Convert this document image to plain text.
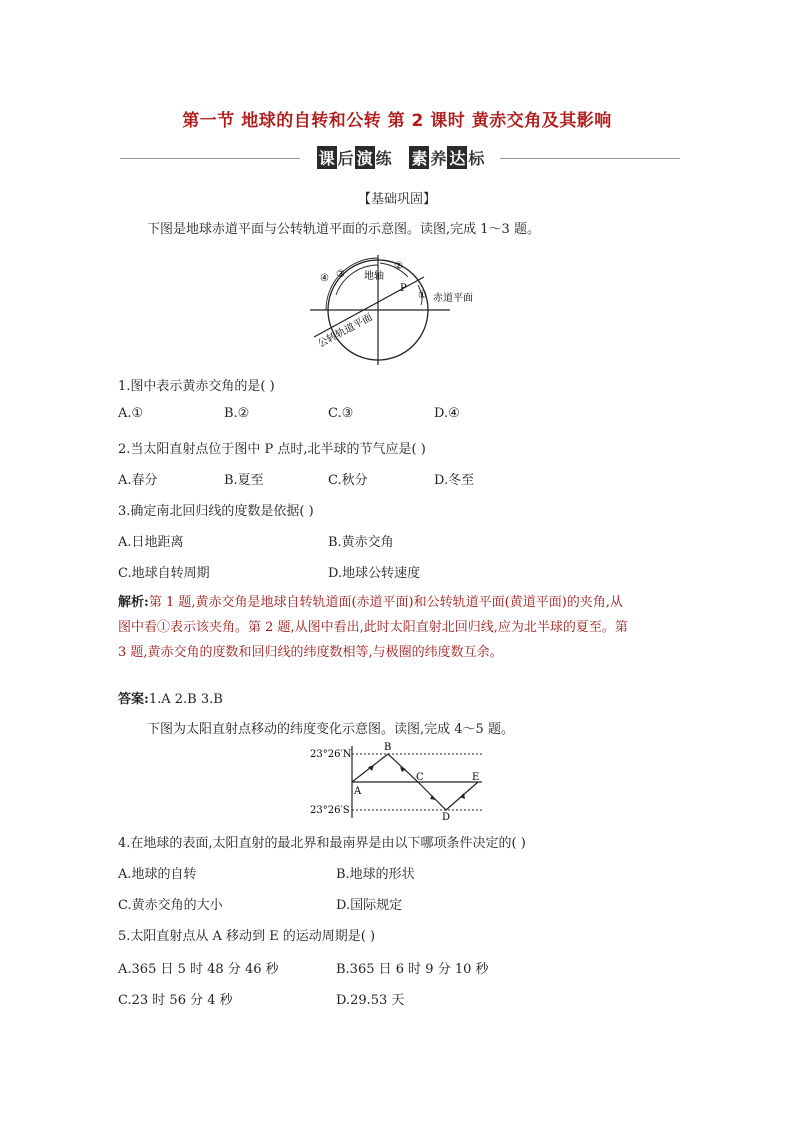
第一节 地球的自转和公转 第 2 课时 黄赤交角及其影响
课 后 演 练 素 养 达 标
【基础巩固】
下图是地球赤道平面与公转轨道平面的示意图。读图,完成 1～3 题。
地轴
赤道平面
公转轨道平面
P
①
②
③
④
1.图中表示黄赤交角的是( )
A.①	B.②	C.③	D.④
2.当太阳直射点位于图中 P 点时,北半球的节气应是( )
A.春分	B.夏至	C.秋分	D.冬至
3.确定南北回归线的度数是依据( )
A.日地距离	B.黄赤交角
C.地球自转周期	D.地球公转速度
解析:第 1 题,黄赤交角是地球自转轨道面(赤道平面)和公转轨道平面(黄道平面)的夹角,从
图中看①表示该夹角。第 2 题,从图中看出,此时太阳直射北回归线,应为北半球的夏至。第
3 题,黄赤交角的度数和回归线的纬度数相等,与极圈的纬度数互余。
答案:1.A 2.B 3.B
下图为太阳直射点移动的纬度变化示意图。读图,完成 4～5 题。
23°26′N
23°26′S
A
B
C
D
E
4.在地球的表面,太阳直射的最北界和最南界是由以下哪项条件决定的( )
A.地球的自转	B.地球的形状
C.黄赤交角的大小	D.国际规定
5.太阳直射点从 A 移动到 E 的运动周期是( )
A.365 日 5 时 48 分 46 秒	B.365 日 6 时 9 分 10 秒
C.23 时 56 分 4 秒	D.29.53 天
